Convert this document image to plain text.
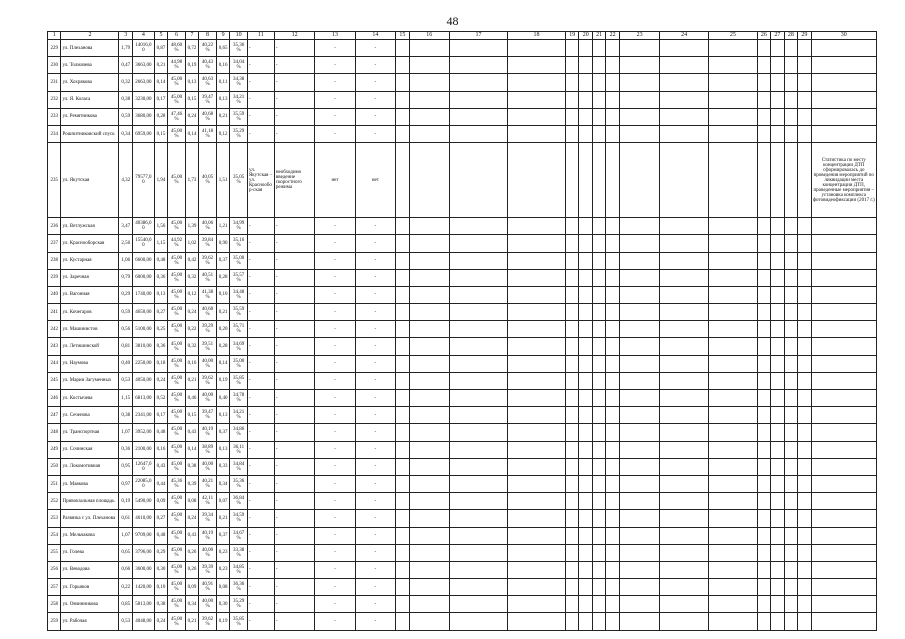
48
1	2	3	4	5	6	7	8	9	10	11	12	13	14	15	16	17	18	19	20	21	22	23	24	25	26	27	28	29	30
229	ул. Плеханова	1,79	14016,0 0	0,87	48,60 %	0,72	40,22 %	0,65	35,36 %	-	-	-	-																
230	ул. Толмачева	0,47	3663,00	0,21	44,98 %	0,19	40,43 %	0,16	34,04 %	-	-	-	-																
231	ул. Хохрякова	0,32	2663,00	0,14	45,00 %	0,13	40,63 %	0,11	34,38 %	-	-	-	-																
232	ул. Я. Коласа	0,38	3230,00	0,17	45,00 %	0,15	39,47 %	0,13	34,21 %	-	-	-	-																
233	ул. Ремятникова	0,59	3680,00	0,28	47,46 %	0,24	40,68 %	0,21	35,59 %	-	-	-	-																
234	Рошпитниковский спуск	0,34	6959,00	0,15	45,00 %	0,14	41,18 %	0,12	35,29 %	-	-	-	-																
235	ул. Якутская	4,32	79577,0 0	1,94	45,00 %	1,73	40,05 %	1,51	35,05 %	ул. Якутская – ул. Краснообор-ская	необходимо введение скоростного режима	нет	нет																Статистика по месту концентрации ДТП сформировалась до проведения мероприятий по ликвидации места концентрации ДТП, проведенные мероприятия – установка комплекса фотовидеофиксации (2017 г.)
236	ул. Ветлужская	3,47	40386,0 0	1,56	45,00 %	1,39	40,06 %	1,21	34,99 %	-	-	-	-																
237	ул. Краснооборская	2,56	15540,0 0	1,15	44,92 %	1,02	39,84 %	0,90	35,16 %	-	-	-	-																
238	ул. Кустарная	1,06	6600,00	0,48	45,00 %	0,42	39,62 %	0,37	35,00 %	-	-	-	-																
239	ул. Заречная	0,79	6000,00	0,36	45,00 %	0,32	40,51 %	0,28	35,57 %	-	-	-	-																
240	ул. Вагонная	0,29	1740,00	0,13	45,00 %	0,12	41,38 %	0,10	34,48 %	-	-	-	-																
241	ул. Кочегаров	0,59	4650,00	0,27	45,00 %	0,24	40,68 %	0,21	35,59 %	-	-	-	-																
242	ул. Машинистов	0,56	5100,00	0,25	45,00 %	0,22	39,29 %	0,20	35,71 %	-	-	-	-																
243	ул. Летишинской	0,81	3810,00	0,36	45,00 %	0,32	39,51 %	0,28	34,69 %	-	-	-	-																
244	ул. Наумова	0,40	2250,00	0,18	45,00 %	0,16	40,00 %	0,14	35,00 %	-	-	-	-																
245	ул. Марии Загуменных	0,53	4050,00	0,24	45,00 %	0,21	39,62 %	0,19	35,85 %	-	-	-	-																
246	ул. Костычева	1,15	6813,00	0,52	45,00 %	0,46	40,00 %	0,40	34,78 %	-	-	-	-																
247	ул. Сеченова	0,38	2341,00	0,17	45,00 %	0,15	39,47 %	0,13	34,21 %	-	-	-	-																
248	ул. Транспортная	1,07	3952,00	0,48	45,00 %	0,43	40,19 %	0,37	34,86 %	-	-	-	-																
249	ул. Сочинская	0,36	2100,00	0,16	45,00 %	0,14	38,89 %	0,13	36,11 %	-	-	-	-																
250	ул. Локомотивная	0,95	12647,0 0	0,43	45,00 %	0,38	40,00 %	0,33	34,84 %	-	-	-	-																
251	ул. Маякова	0,97	22085,0 0	0,44	45,36 %	0,39	40,21 %	0,34	35,36 %	-	-	-	-																
252	Привокзальная площадь	0,19	5490,00	0,09	45,00 %	0,08	42,11 %	0,07	36,84 %	-	-	-	-																
253	Развязка с ул. Плеханова	0,61	4610,00	0,27	45,00 %	0,24	39,34 %	0,21	34,59 %	-	-	-	-																
254	ул. Мельчакова	1,07	9709,00	0,48	45,00 %	0,43	40,19 %	0,37	34,67 %	-	-	-	-																
255	ул. Голева	0,65	3796,00	0,29	45,00 %	0,26	40,00 %	0,23	33,38 %	-	-	-	-																
256	ул. Веводова	0,66	3600,00	0,30	45,00 %	0,26	39,39 %	0,23	34,85 %	-	-	-	-																
257	ул. Горьиков	0,22	1420,00	0,10	45,00 %	0,09	40,91 %	0,08	36,36 %	-	-	-	-																
258	ул. Овчинникова	0,85	5813,00	0,38	45,00 %	0,34	40,00 %	0,30	35,29 %	-	-	-	-																
259	ул. Рабочая	0,53	4048,00	0,24	45,00 %	0,21	39,62 %	0,19	35,85 %	-	-	-	-																
